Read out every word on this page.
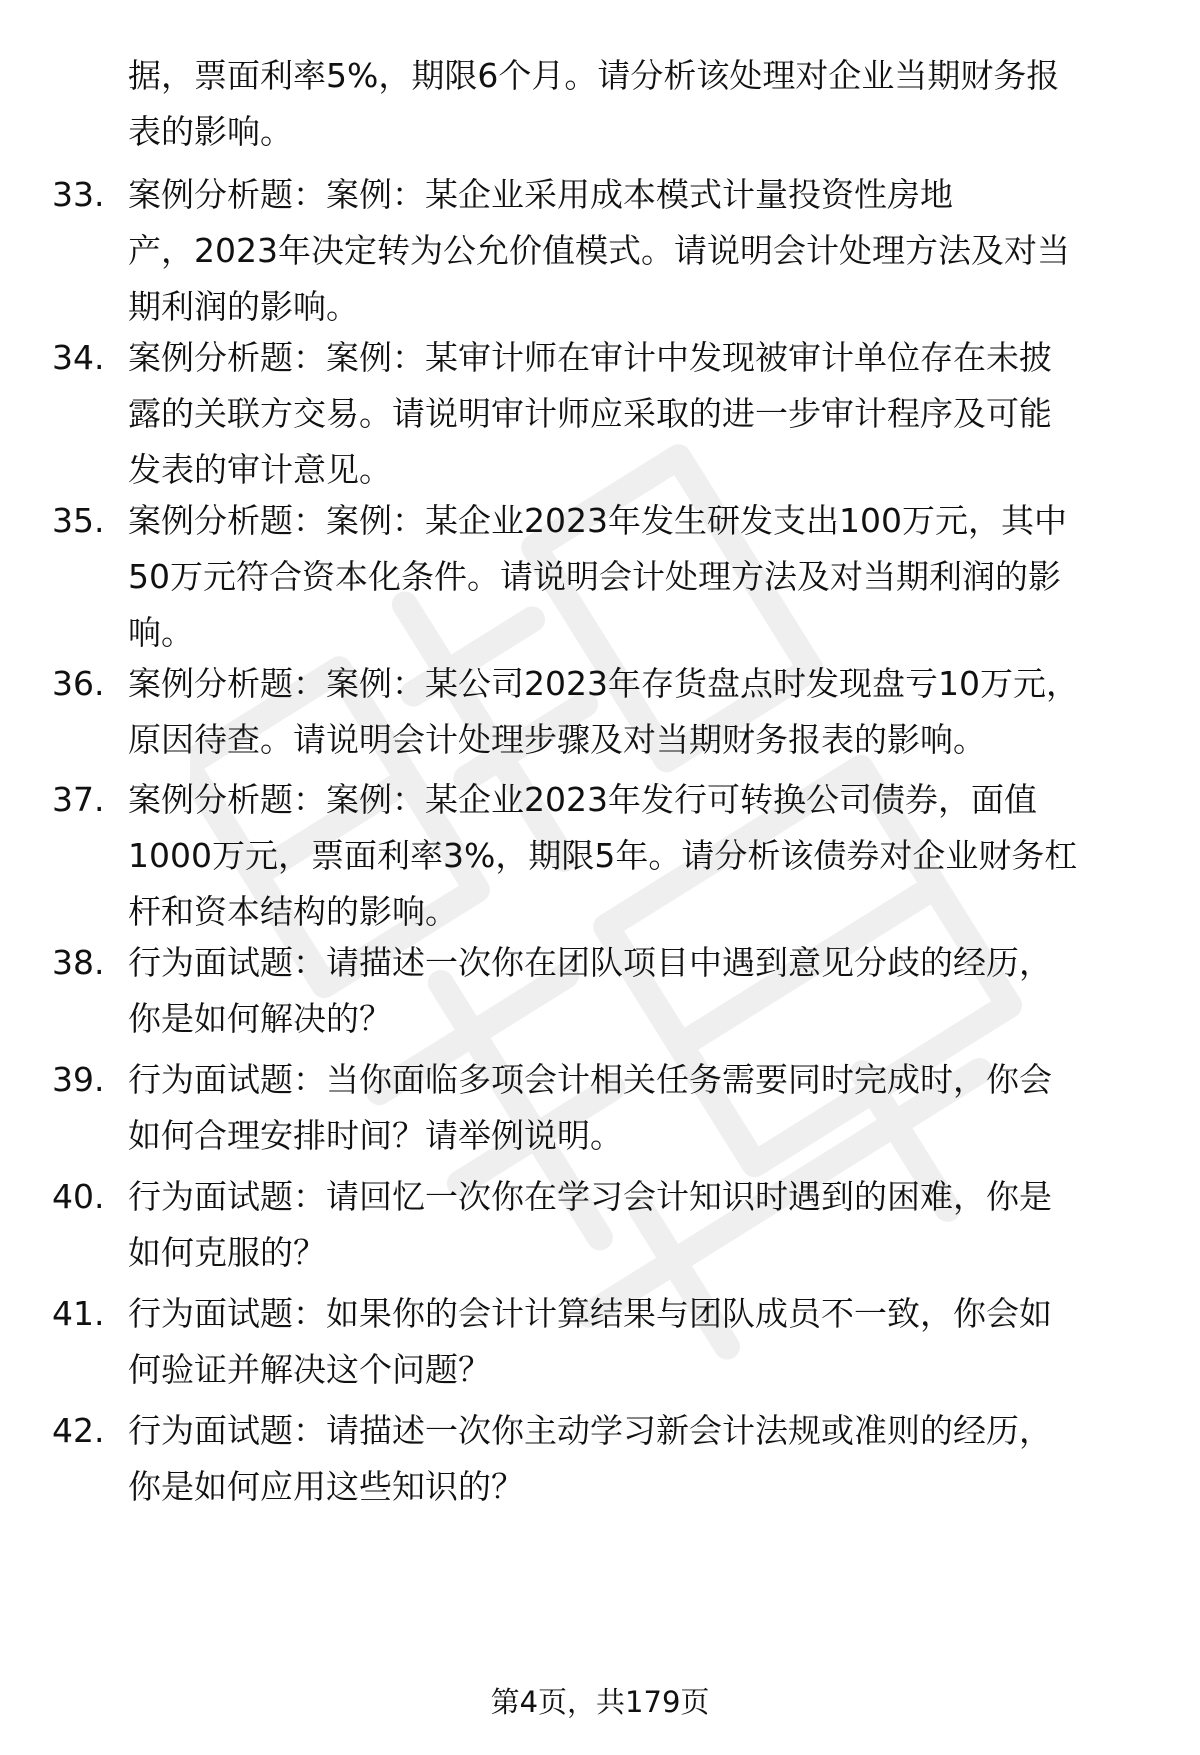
据，票面利率5%，期限6个月。请分析该处理对企业当期财务报
表的影响。
33. 案例分析题：案例：某企业采用成本模式计量投资性房地
产，2023年决定转为公允价值模式。请说明会计处理方法及对当
期利润的影响。
34. 案例分析题：案例：某审计师在审计中发现被审计单位存在未披
露的关联方交易。请说明审计师应采取的进一步审计程序及可能
发表的审计意见。
35. 案例分析题：案例：某企业2023年发生研发支出100万元，其中
50万元符合资本化条件。请说明会计处理方法及对当期利润的影
响。
36. 案例分析题：案例：某公司2023年存货盘点时发现盘亏10万元，
原因待查。请说明会计处理步骤及对当期财务报表的影响。
37. 案例分析题：案例：某企业2023年发行可转换公司债券，面值
1000万元，票面利率3%，期限5年。请分析该债券对企业财务杠
杆和资本结构的影响。
38. 行为面试题：请描述一次你在团队项目中遇到意见分歧的经历，
你是如何解决的？
39. 行为面试题：当你面临多项会计相关任务需要同时完成时，你会
如何合理安排时间？请举例说明。
40. 行为面试题：请回忆一次你在学习会计知识时遇到的困难，你是
如何克服的？
41. 行为面试题：如果你的会计计算结果与团队成员不一致，你会如
何验证并解决这个问题？
42. 行为面试题：请描述一次你主动学习新会计法规或准则的经历，
你是如何应用这些知识的？
第4页，共179页
